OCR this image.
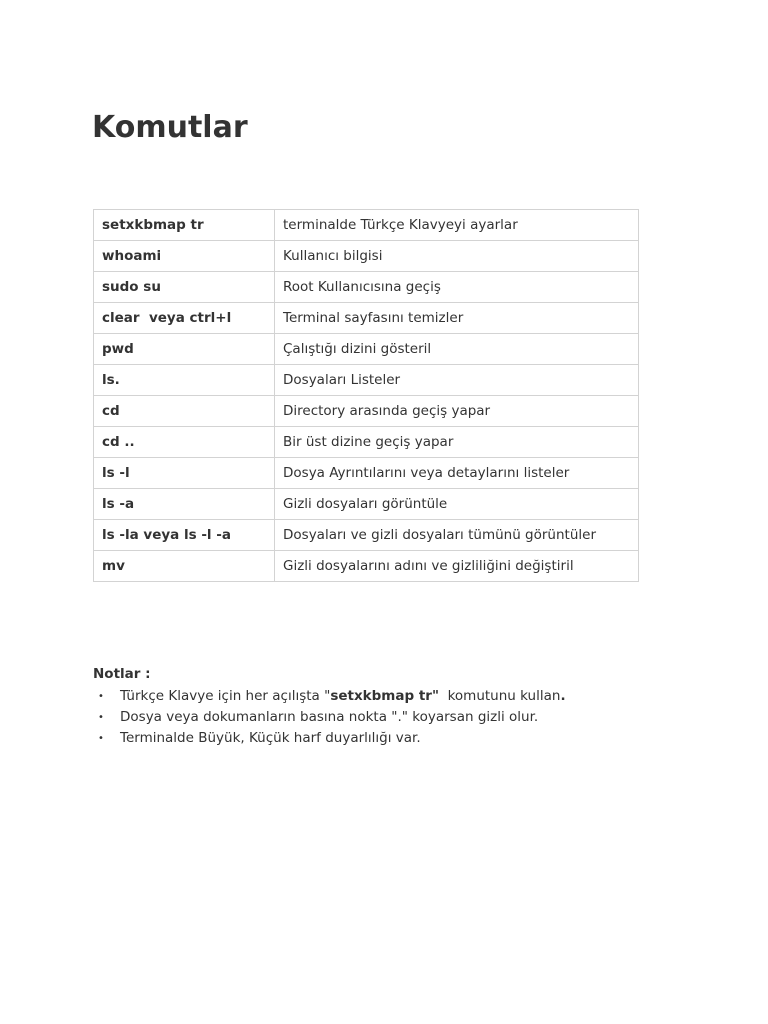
Komutlar
setxkbmap tr	terminalde Türkçe Klavyeyi ayarlar
whoami	Kullanıcı bilgisi
sudo su	Root Kullanıcısına geçiş
clear  veya ctrl+l	Terminal sayfasını temizler
pwd	Çalıştığı dizini gösteril
ls.	Dosyaları Listeler
cd	Directory arasında geçiş yapar
cd ..	Bir üst dizine geçiş yapar
ls -l	Dosya Ayrıntılarını veya detaylarını listeler
ls -a	Gizli dosyaları görüntüle
ls -la veya ls -l -a	Dosyaları ve gizli dosyaları tümünü görüntüler
mv	Gizli dosyalarını adını ve gizliliğini değiştiril
Notlar :
• Türkçe Klavye için her açılışta "setxkbmap tr"  komutunu kullan.
• Dosya veya dokumanların basına nokta "." koyarsan gizli olur.
• Terminalde Büyük, Küçük harf duyarlılığı var.
